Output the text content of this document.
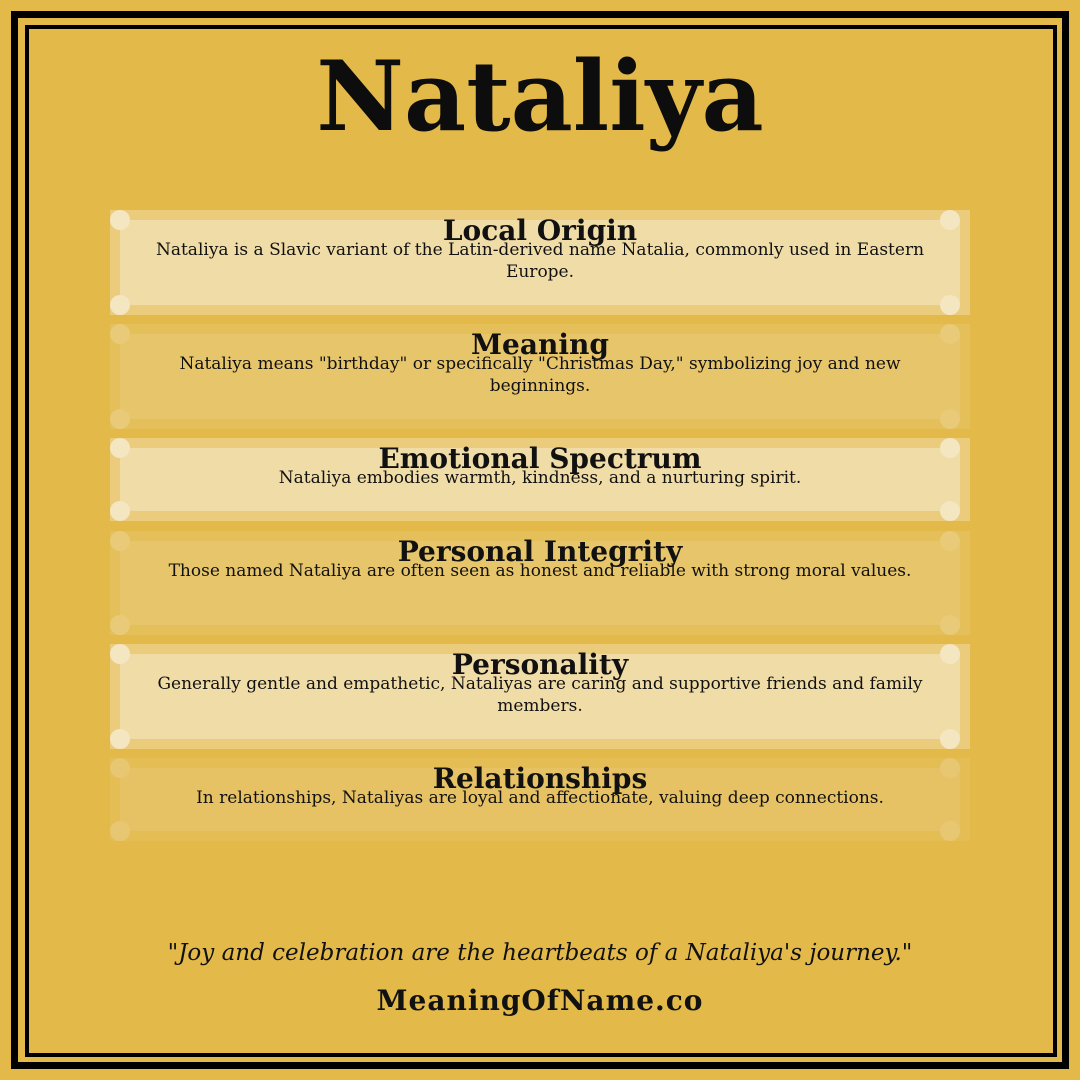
Nataliya
Local Origin

Nataliya is a Slavic variant of the Latin-derived name Natalia, commonly used in Eastern Europe.

Meaning

Nataliya means "birthday" or specifically "Christmas Day," symbolizing joy and new beginnings.

Emotional Spectrum

Nataliya embodies warmth, kindness, and a nurturing spirit.

Personal Integrity

Those named Nataliya are often seen as honest and reliable with strong moral values.

Personality

Generally gentle and empathetic, Nataliyas are caring and supportive friends and family members.

Relationships

In relationships, Nataliyas are loyal and affectionate, valuing deep connections.

"Joy and celebration are the heartbeats of a Nataliya's journey."
MeaningOfName.co
